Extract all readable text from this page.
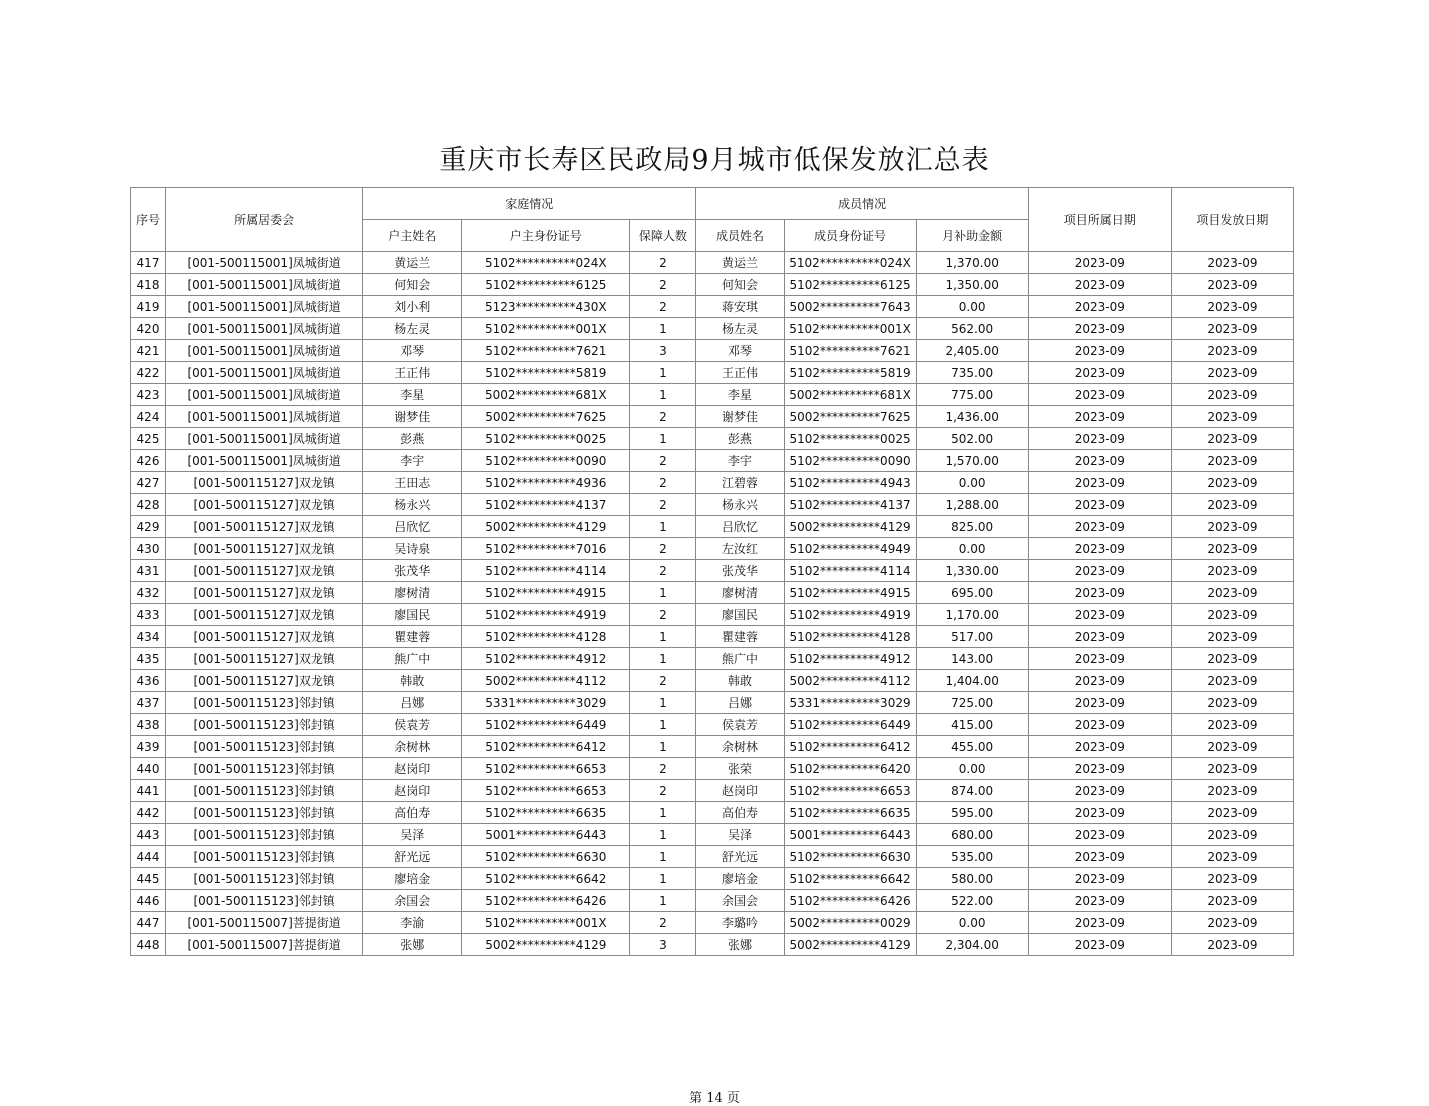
重庆市长寿区民政局9月城市低保发放汇总表
序号	所属居委会	家庭情况			成员情况			项目所属日期	项目发放日期
		户主姓名	户主身份证号	保障人数	成员姓名	成员身份证号	月补助金额		
417	[001-500115001]凤城街道	黄运兰	5102**********024X	2	黄运兰	5102**********024X	1,370.00	2023-09	2023-09
418	[001-500115001]凤城街道	何知会	5102**********6125	2	何知会	5102**********6125	1,350.00	2023-09	2023-09
419	[001-500115001]凤城街道	刘小利	5123**********430X	2	蒋安琪	5002**********7643	0.00	2023-09	2023-09
420	[001-500115001]凤城街道	杨左灵	5102**********001X	1	杨左灵	5102**********001X	562.00	2023-09	2023-09
421	[001-500115001]凤城街道	邓琴	5102**********7621	3	邓琴	5102**********7621	2,405.00	2023-09	2023-09
422	[001-500115001]凤城街道	王正伟	5102**********5819	1	王正伟	5102**********5819	735.00	2023-09	2023-09
423	[001-500115001]凤城街道	李星	5002**********681X	1	李星	5002**********681X	775.00	2023-09	2023-09
424	[001-500115001]凤城街道	谢梦佳	5002**********7625	2	谢梦佳	5002**********7625	1,436.00	2023-09	2023-09
425	[001-500115001]凤城街道	彭燕	5102**********0025	1	彭燕	5102**********0025	502.00	2023-09	2023-09
426	[001-500115001]凤城街道	李宇	5102**********0090	2	李宇	5102**********0090	1,570.00	2023-09	2023-09
427	[001-500115127]双龙镇	王田志	5102**********4936	2	江碧蓉	5102**********4943	0.00	2023-09	2023-09
428	[001-500115127]双龙镇	杨永兴	5102**********4137	2	杨永兴	5102**********4137	1,288.00	2023-09	2023-09
429	[001-500115127]双龙镇	吕欣忆	5002**********4129	1	吕欣忆	5002**********4129	825.00	2023-09	2023-09
430	[001-500115127]双龙镇	吴诗泉	5102**********7016	2	左汝红	5102**********4949	0.00	2023-09	2023-09
431	[001-500115127]双龙镇	张茂华	5102**********4114	2	张茂华	5102**********4114	1,330.00	2023-09	2023-09
432	[001-500115127]双龙镇	廖树清	5102**********4915	1	廖树清	5102**********4915	695.00	2023-09	2023-09
433	[001-500115127]双龙镇	廖国民	5102**********4919	2	廖国民	5102**********4919	1,170.00	2023-09	2023-09
434	[001-500115127]双龙镇	瞿建蓉	5102**********4128	1	瞿建蓉	5102**********4128	517.00	2023-09	2023-09
435	[001-500115127]双龙镇	熊广中	5102**********4912	1	熊广中	5102**********4912	143.00	2023-09	2023-09
436	[001-500115127]双龙镇	韩敢	5002**********4112	2	韩敢	5002**********4112	1,404.00	2023-09	2023-09
437	[001-500115123]邻封镇	吕娜	5331**********3029	1	吕娜	5331**********3029	725.00	2023-09	2023-09
438	[001-500115123]邻封镇	侯袁芳	5102**********6449	1	侯袁芳	5102**********6449	415.00	2023-09	2023-09
439	[001-500115123]邻封镇	余树林	5102**********6412	1	余树林	5102**********6412	455.00	2023-09	2023-09
440	[001-500115123]邻封镇	赵岗印	5102**********6653	2	张荣	5102**********6420	0.00	2023-09	2023-09
441	[001-500115123]邻封镇	赵岗印	5102**********6653	2	赵岗印	5102**********6653	874.00	2023-09	2023-09
442	[001-500115123]邻封镇	高伯寿	5102**********6635	1	高伯寿	5102**********6635	595.00	2023-09	2023-09
443	[001-500115123]邻封镇	吴泽	5001**********6443	1	吴泽	5001**********6443	680.00	2023-09	2023-09
444	[001-500115123]邻封镇	舒光远	5102**********6630	1	舒光远	5102**********6630	535.00	2023-09	2023-09
445	[001-500115123]邻封镇	廖培金	5102**********6642	1	廖培金	5102**********6642	580.00	2023-09	2023-09
446	[001-500115123]邻封镇	余国会	5102**********6426	1	余国会	5102**********6426	522.00	2023-09	2023-09
447	[001-500115007]菩提街道	李渝	5102**********001X	2	李璐吟	5002**********0029	0.00	2023-09	2023-09
448	[001-500115007]菩提街道	张娜	5002**********4129	3	张娜	5002**********4129	2,304.00	2023-09	2023-09
第 14 页
